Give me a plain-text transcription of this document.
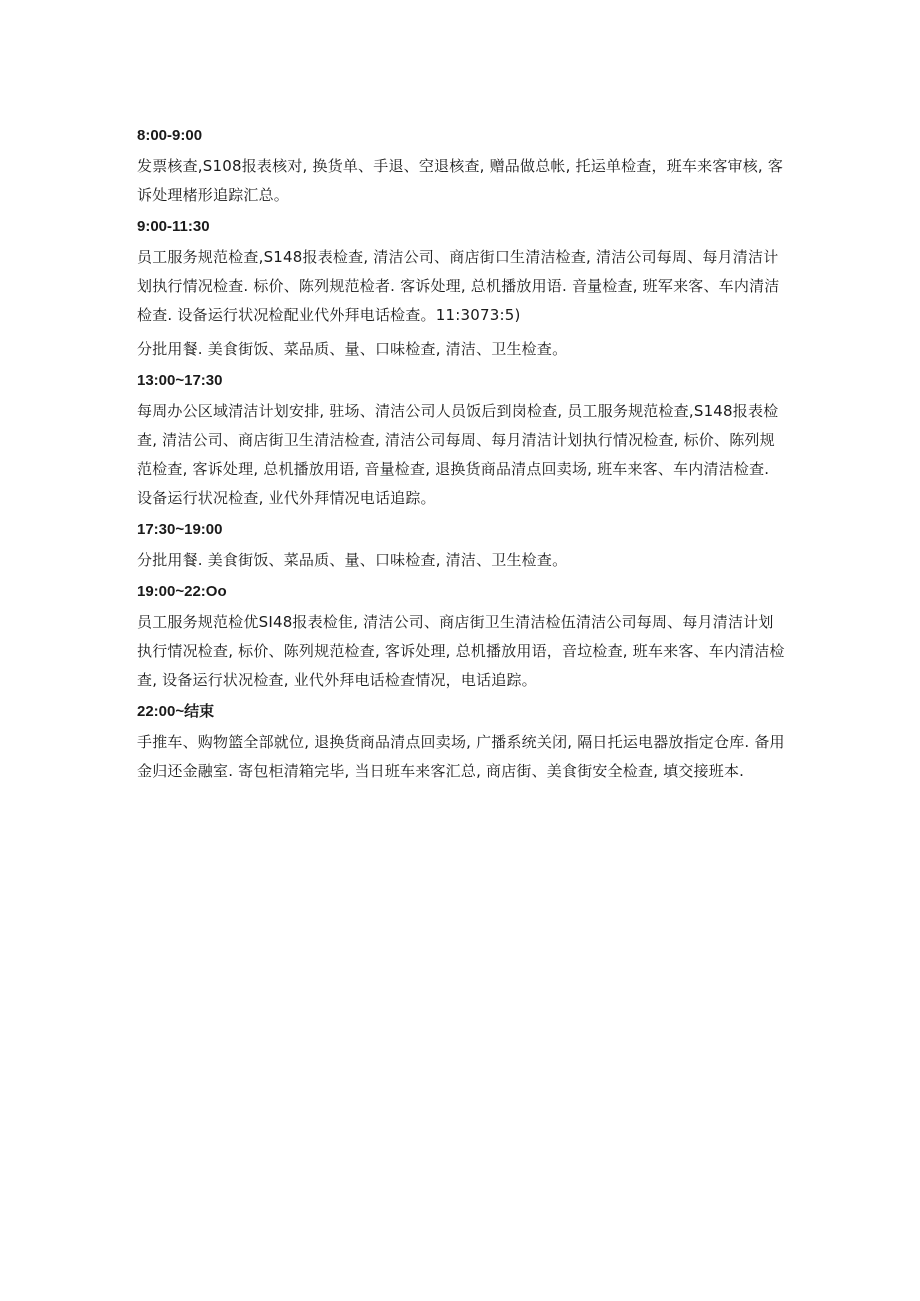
8:00-9:00
发票核查,S108报表核对, 换货单、手退、空退核查, 赠品做总帐, 托运单检查，班车来客审核, 客诉处理楮形追踪汇总。
9:00-11:30
员工服务规范检查,S148报表检查, 清洁公司、商店街口生清洁检查, 清洁公司每周、每月清洁计划执行情况检查. 标价、陈列规范检者. 客诉处理, 总机播放用语. 音量检查, 班军来客、车内清洁检查. 设备运行状况检配业代外拜电话检查。11:3073:5)
分批用餐. 美食街饭、菜品质、量、口味检查, 清洁、卫生检查。
13:00~17:30
每周办公区域清洁计划安排, 驻场、清洁公司人员饭后到岗检查, 员工服务规范检查,S148报表检查, 清洁公司、商店街卫生清洁检查, 清洁公司每周、每月清洁计划执行情况检查, 标价、陈列规范检查, 客诉处理, 总机播放用语, 音量检查, 退换货商品清点回卖场, 班车来客、车内清洁检查. 设备运行状况检查, 业代外拜情况电话追踪。
17:30~19:00
分批用餐. 美食街饭、菜品质、量、口味检查, 清洁、卫生检查。
19:00~22:Oo
员工服务规范检优SI48报表检隹, 清洁公司、商店街卫生清洁检伍清洁公司每周、每月清洁计划执行情况检查, 标价、陈列规范检查, 客诉处理, 总机播放用语，音垃检查, 班车来客、车内清洁检查, 设备运行状况检查, 业代外拜电话检查情况，电话追踪。
22:00~结束
手推车、购物篮全部就位, 退换货商品清点回卖场, 广播系统关闭, 隔日托运电器放指定仓库. 备用金归还金融室. 寄包柜清箱完毕, 当日班车来客汇总, 商店街、美食街安全检查, 填交接班本.
